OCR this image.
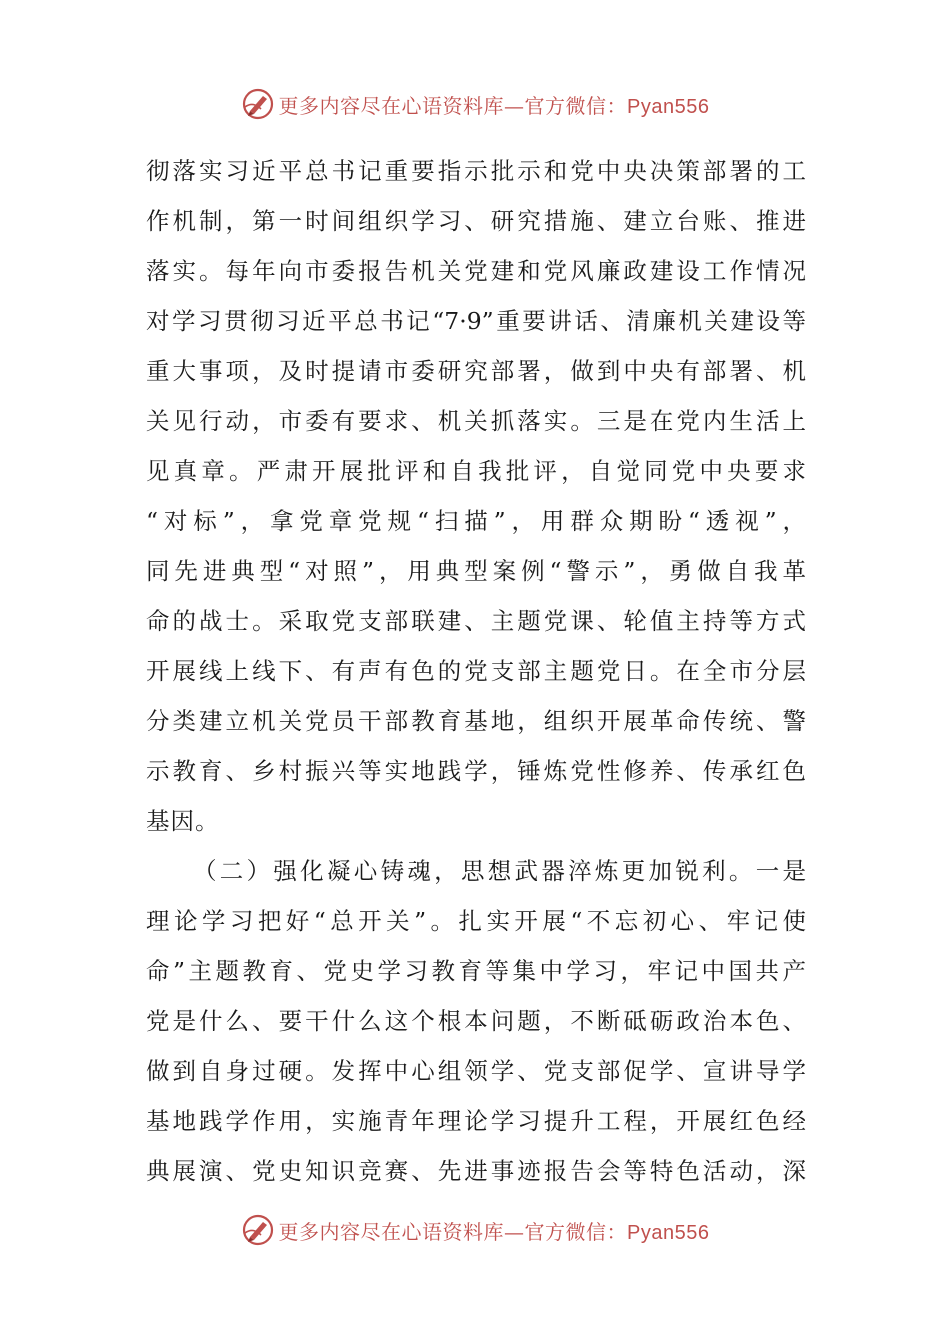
更多内容尽在心语资料库—官方微信：Pyan556
彻落实习近平总书记重要指示批示和党中央决策部署的工
作机制，第一时间组织学习、研究措施、建立台账、推进
落实。每年向市委报告机关党建和党风廉政建设工作情况
对学习贯彻习近平总书记“7·9”重要讲话、清廉机关建设等
重大事项，及时提请市委研究部署，做到中央有部署、机
关见行动，市委有要求、机关抓落实。三是在党内生活上
见真章。严肃开展批评和自我批评，自觉同党中央要求
“对标”，拿党章党规“扫描”，用群众期盼“透视”，
同先进典型“对照”，用典型案例“警示”，勇做自我革
命的战士。采取党支部联建、主题党课、轮值主持等方式
开展线上线下、有声有色的党支部主题党日。在全市分层
分类建立机关党员干部教育基地，组织开展革命传统、警
示教育、乡村振兴等实地践学，锤炼党性修养、传承红色
基因。
（二）强化凝心铸魂，思想武器淬炼更加锐利。一是
理论学习把好“总开关”。扎实开展“不忘初心、牢记使
命”主题教育、党史学习教育等集中学习，牢记中国共产
党是什么、要干什么这个根本问题，不断砥砺政治本色、
做到自身过硬。发挥中心组领学、党支部促学、宣讲导学
基地践学作用，实施青年理论学习提升工程，开展红色经
典展演、党史知识竞赛、先进事迹报告会等特色活动，深
更多内容尽在心语资料库—官方微信：Pyan556
